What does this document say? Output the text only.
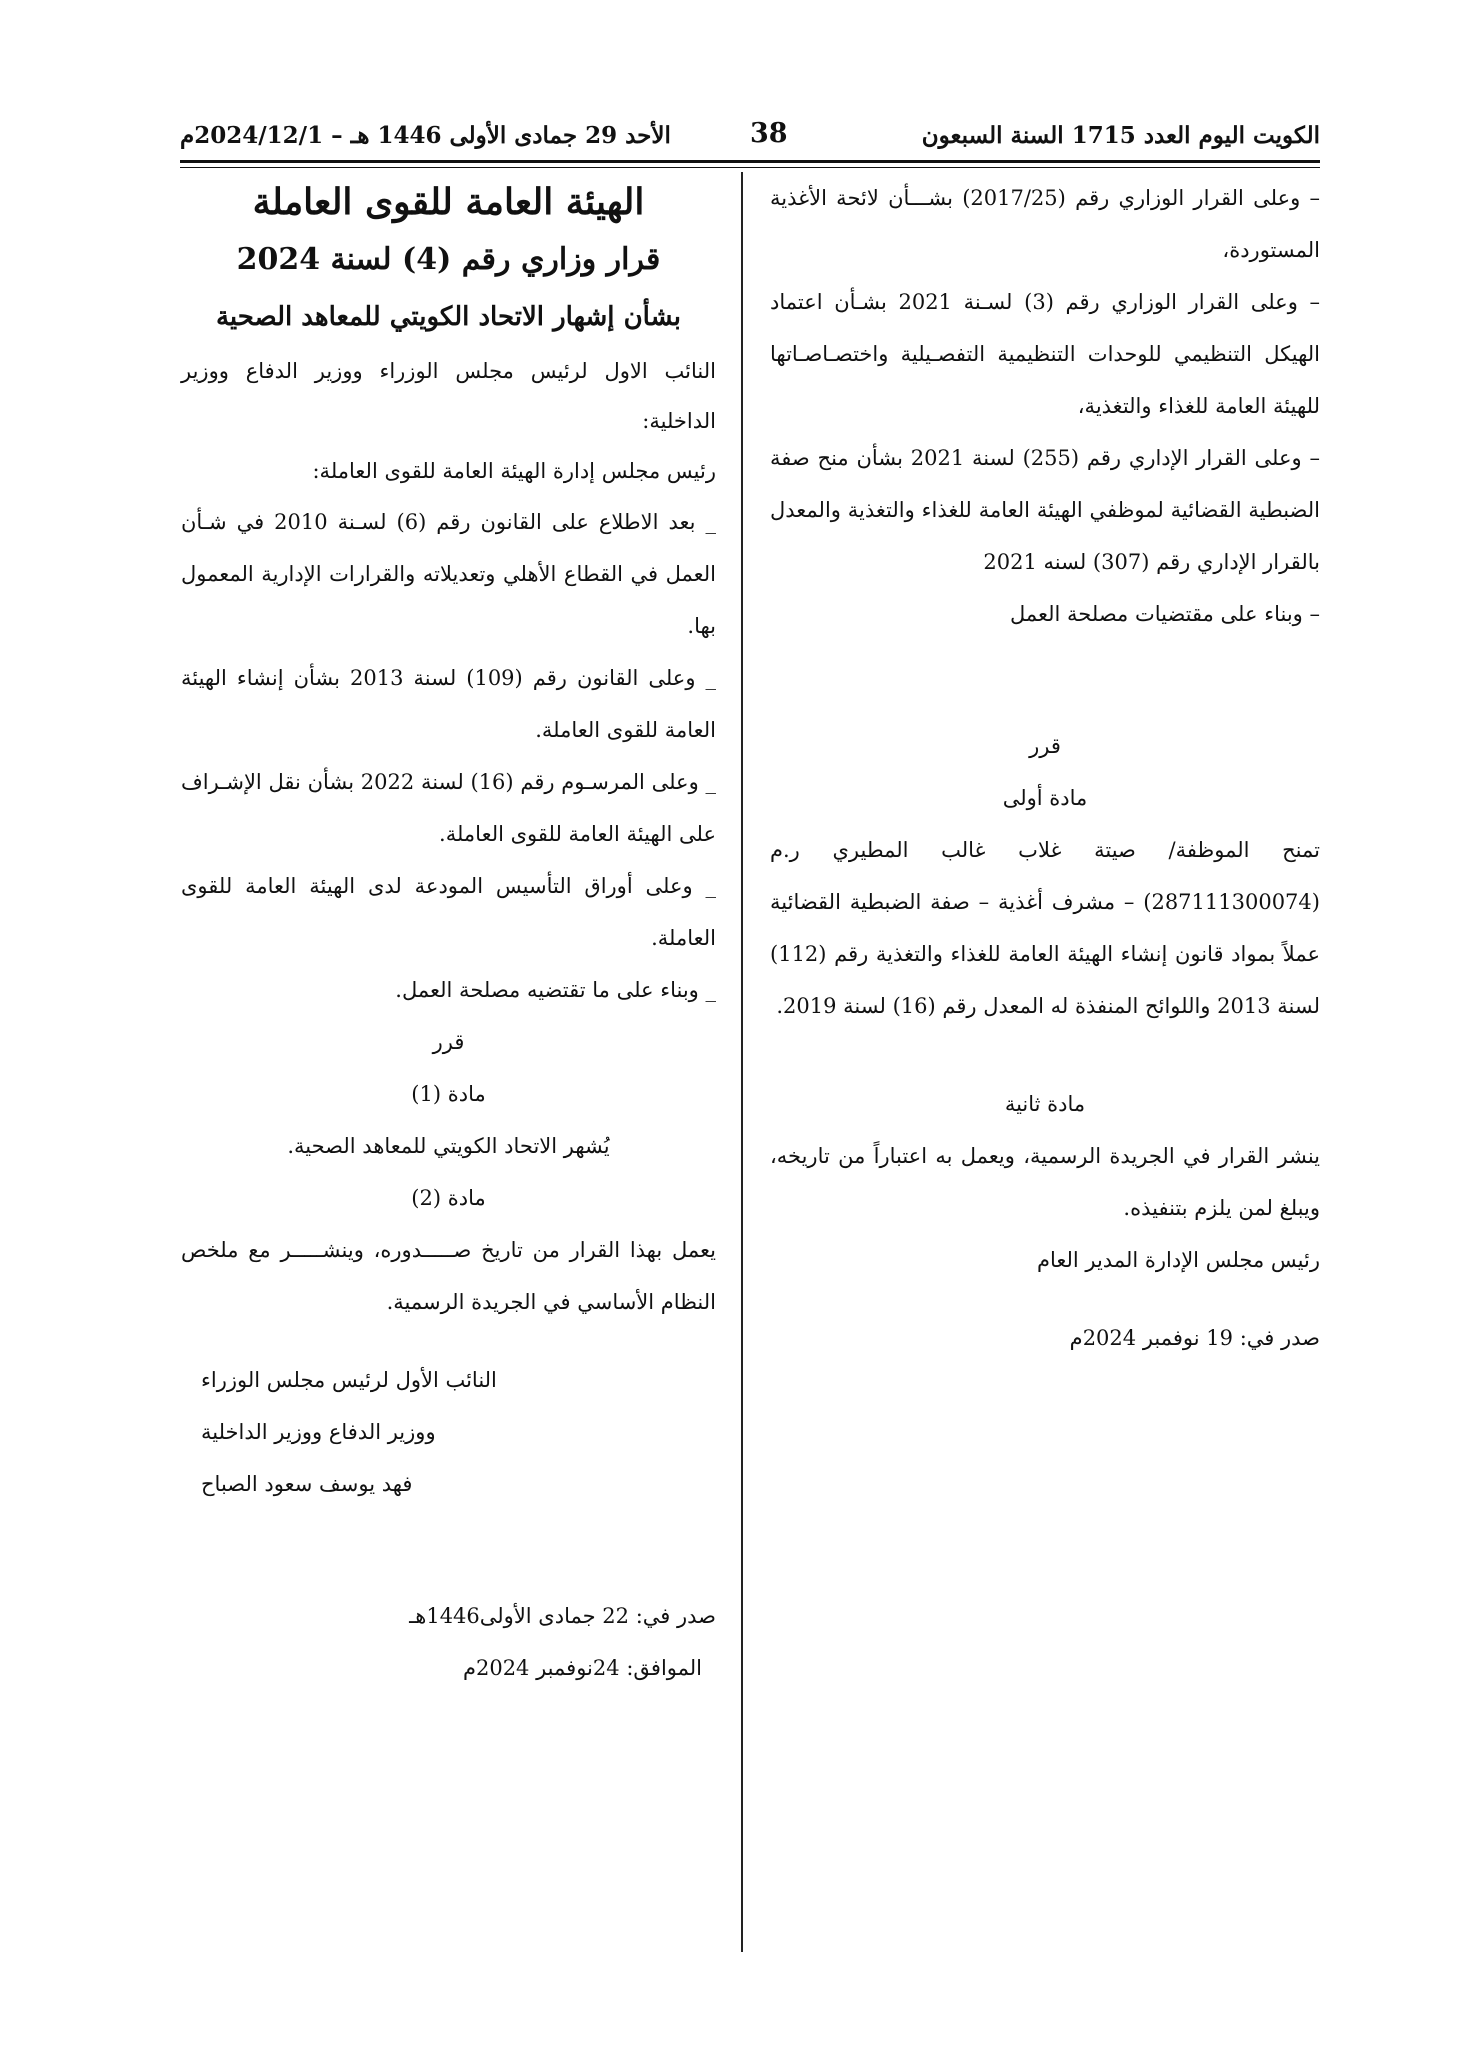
الكويت اليوم العدد 1715 السنة السبعون
38
الأحد 29 جمادى الأولى 1446 هـ – 2024/12/1م

– وعلى القرار الوزاري رقم (2017/25) بشـــأن لائحة الأغذية المستوردة،

– وعلى القرار الوزاري رقم (3) لسـنة 2021 بشـأن اعتماد الهيكل التنظيمي للوحدات التنظيمية التفصـيلية واختصـاصـاتها للهيئة العامة للغذاء والتغذية،

– وعلى القرار الإداري رقم (255) لسنة 2021 بشأن منح صفة الضبطية القضائية لموظفي الهيئة العامة للغذاء والتغذية والمعدل بالقرار الإداري رقم (307) لسنه 2021

– وبناء على مقتضيات مصلحة العمل

قرر

مادة أولى

تمنح الموظفة/ صيتة غلاب غالب المطيري ر.م (287111300074) – مشرف أغذية – صفة الضبطية القضائية عملاً بمواد قانون إنشاء الهيئة العامة للغذاء والتغذية رقم (112) لسنة 2013 واللوائح المنفذة له المعدل رقم (16) لسنة 2019.

مادة ثانية

ينشر القرار في الجريدة الرسمية، ويعمل به اعتباراً من تاريخه، ويبلغ لمن يلزم بتنفيذه.

رئيس مجلس الإدارة المدير العام

صدر في: 19 نوفمبر 2024م

الهيئة العامة للقوى العاملة

قرار وزاري رقم (4) لسنة 2024

بشأن إشهار الاتحاد الكويتي للمعاهد الصحية

النائب الاول لرئيس مجلس الوزراء ووزير الدفاع ووزير الداخلية:

رئيس مجلس إدارة الهيئة العامة للقوى العاملة:

_ بعد الاطلاع على القانون رقم (6) لسـنة 2010 في شـأن العمل في القطاع الأهلي وتعديلاته والقرارات الإدارية المعمول بها.

_ وعلى القانون رقم (109) لسنة 2013 بشأن إنشاء الهيئة العامة للقوى العاملة.

_ وعلى المرسـوم رقم (16) لسنة 2022 بشأن نقل الإشـراف على الهيئة العامة للقوى العاملة.

_ وعلى أوراق التأسيس المودعة لدى الهيئة العامة للقوى العاملة.

_ وبناء على ما تقتضيه مصلحة العمل.

قرر

مادة (1)

يُشهر الاتحاد الكويتي للمعاهد الصحية.

مادة (2)

يعمل بهذا القرار من تاريخ صـــــدوره، وينشـــــر مع ملخص النظام الأساسي في الجريدة الرسمية.

النائب الأول لرئيس مجلس الوزراء

ووزير الدفاع ووزير الداخلية

فهد يوسف سعود الصباح

صدر في: 22 جمادى الأولى1446هـ

الموافق: 24نوفمبر 2024م
